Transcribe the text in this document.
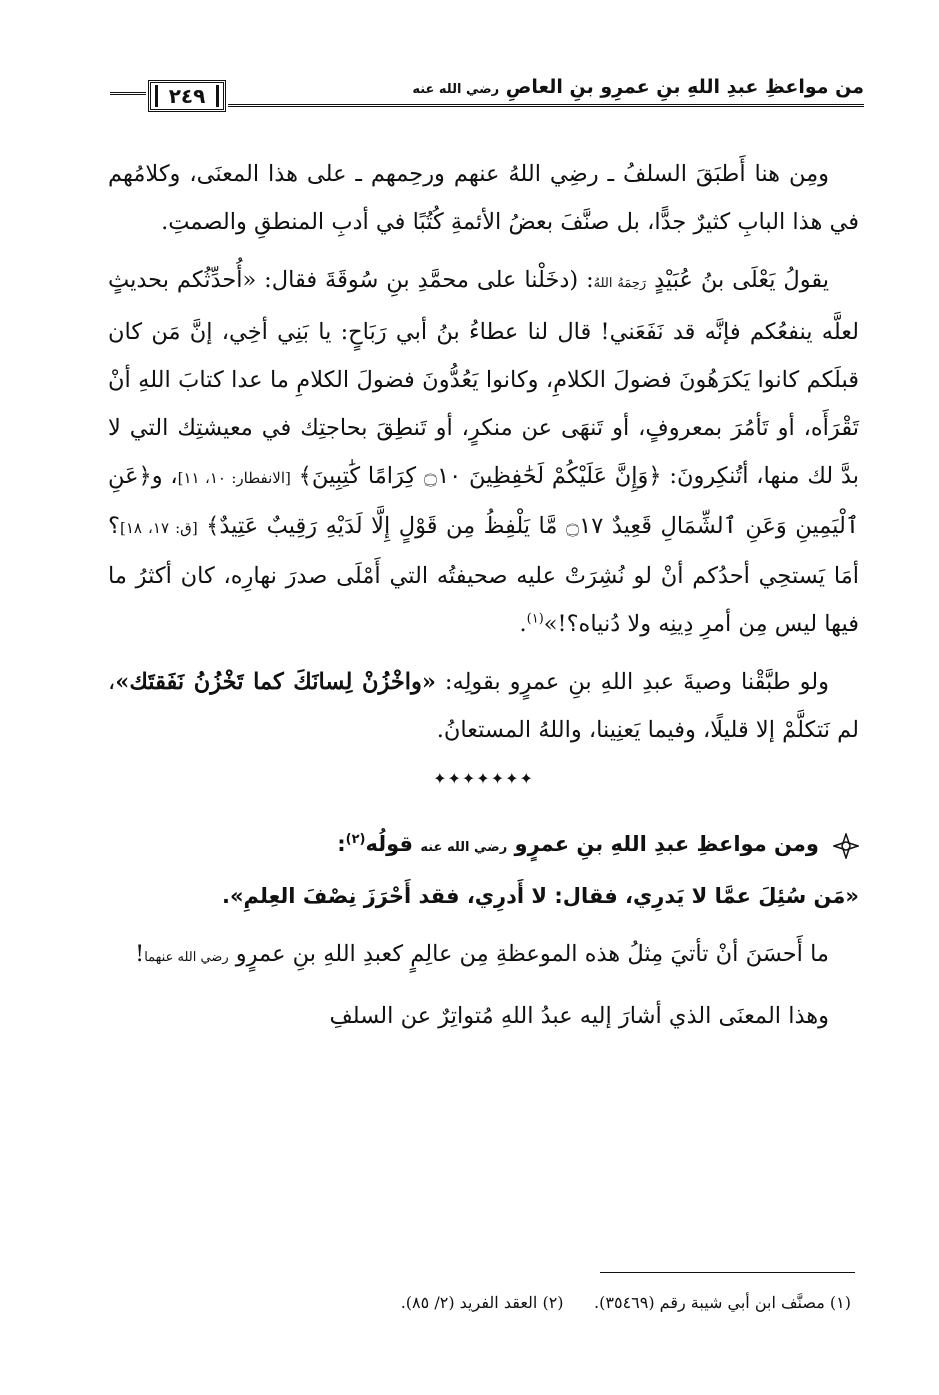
من مواعظِ عبدِ اللهِ بنِ عمرِو بنِ العاصِ رضي الله عنه
٢٤٩

ومِن هنا أَطبَقَ السلفُ ـ رضِي اللهُ عنهم ورحِمهم ـ على هذا المعنَى، وكلامُهم في هذا البابِ كثيرٌ جدًّا، بل صنَّفَ بعضُ الأئمةِ كُتُبًا في أدبِ المنطقِ والصمتِ.

يقولُ يَعْلَى بنُ عُبَيْدٍ رَحِمَهُ اللهُ: (دخَلْنا على محمَّدِ بنِ سُوقَةَ فقال: «أُحدِّثُكم بحديثٍ لعلَّه ينفعُكم فإنَّه قد نَفَعَني! قال لنا عطاءُ بنُ أبي رَبَاحٍ: يا بَنِي أخِي، إنَّ مَن كان قبلَكم كانوا يَكرَهُونَ فضولَ الكلامِ، وكانوا يَعُدُّونَ فضولَ الكلامِ ما عدا كتابَ اللهِ أنْ تَقْرَأَه، أو تَأمُرَ بمعروفٍ، أو تَنهَى عن منكرٍ، أو تَنطِقَ بحاجتِك في معيشتِك التي لا بدَّ لك منها، أتُنكِرونَ: ﴿وَإِنَّ عَلَيْكُمْ لَحَٰفِظِينَ ۝١٠ كِرَامًا كَٰتِبِينَ﴾ [الانفطار: ١٠، ١١]، و﴿عَنِ ٱلْيَمِينِ وَعَنِ ٱلشِّمَالِ قَعِيدٌ ۝١٧ مَّا يَلْفِظُ مِن قَوْلٍ إِلَّا لَدَيْهِ رَقِيبٌ عَتِيدٌ﴾ [ق: ١٧، ١٨]؟ أمَا يَستحِي أحدُكم أنْ لو نُشِرَتْ عليه صحيفتُه التي أَمْلَى صدرَ نهارِه، كان أكثرُ ما فيها ليس مِن أمرِ دِينِه ولا دُنياه؟!»$^{(١)}$.

ولو طبَّقْنا وصيةَ عبدِ اللهِ بنِ عمرٍو بقولِه: «واخْزُنْ لِسانَكَ كما تَخْزُنُ نَفَقتَك»، لم نَتكلَّمْ إلا قليلًا، وفيما يَعنِينا، واللهُ المستعانُ.

✦✦✦✦✦✦✦
ومن مواعظِ عبدِ اللهِ بنِ عمرٍو رضي الله عنه قولُه$^{(٢)}$:

«مَن سُئِلَ عمَّا لا يَدرِي، فقال: لا أَدرِي، فقد أَحْرَزَ نِصْفَ العِلمِ».

ما أَحسَنَ أنْ تأتيَ مِثلُ هذه الموعظةِ مِن عالِمٍ كعبدِ اللهِ بنِ عمرٍو رضي الله عنهما!

وهذا المعنَى الذي أشارَ إليه عبدُ اللهِ مُتواتِرٌ عن السلفِ

(١) مصنَّف ابن أبي شيبة رقم (٣٥٤٦٩).      (٢) العقد الفريد (٢/ ٨٥).
